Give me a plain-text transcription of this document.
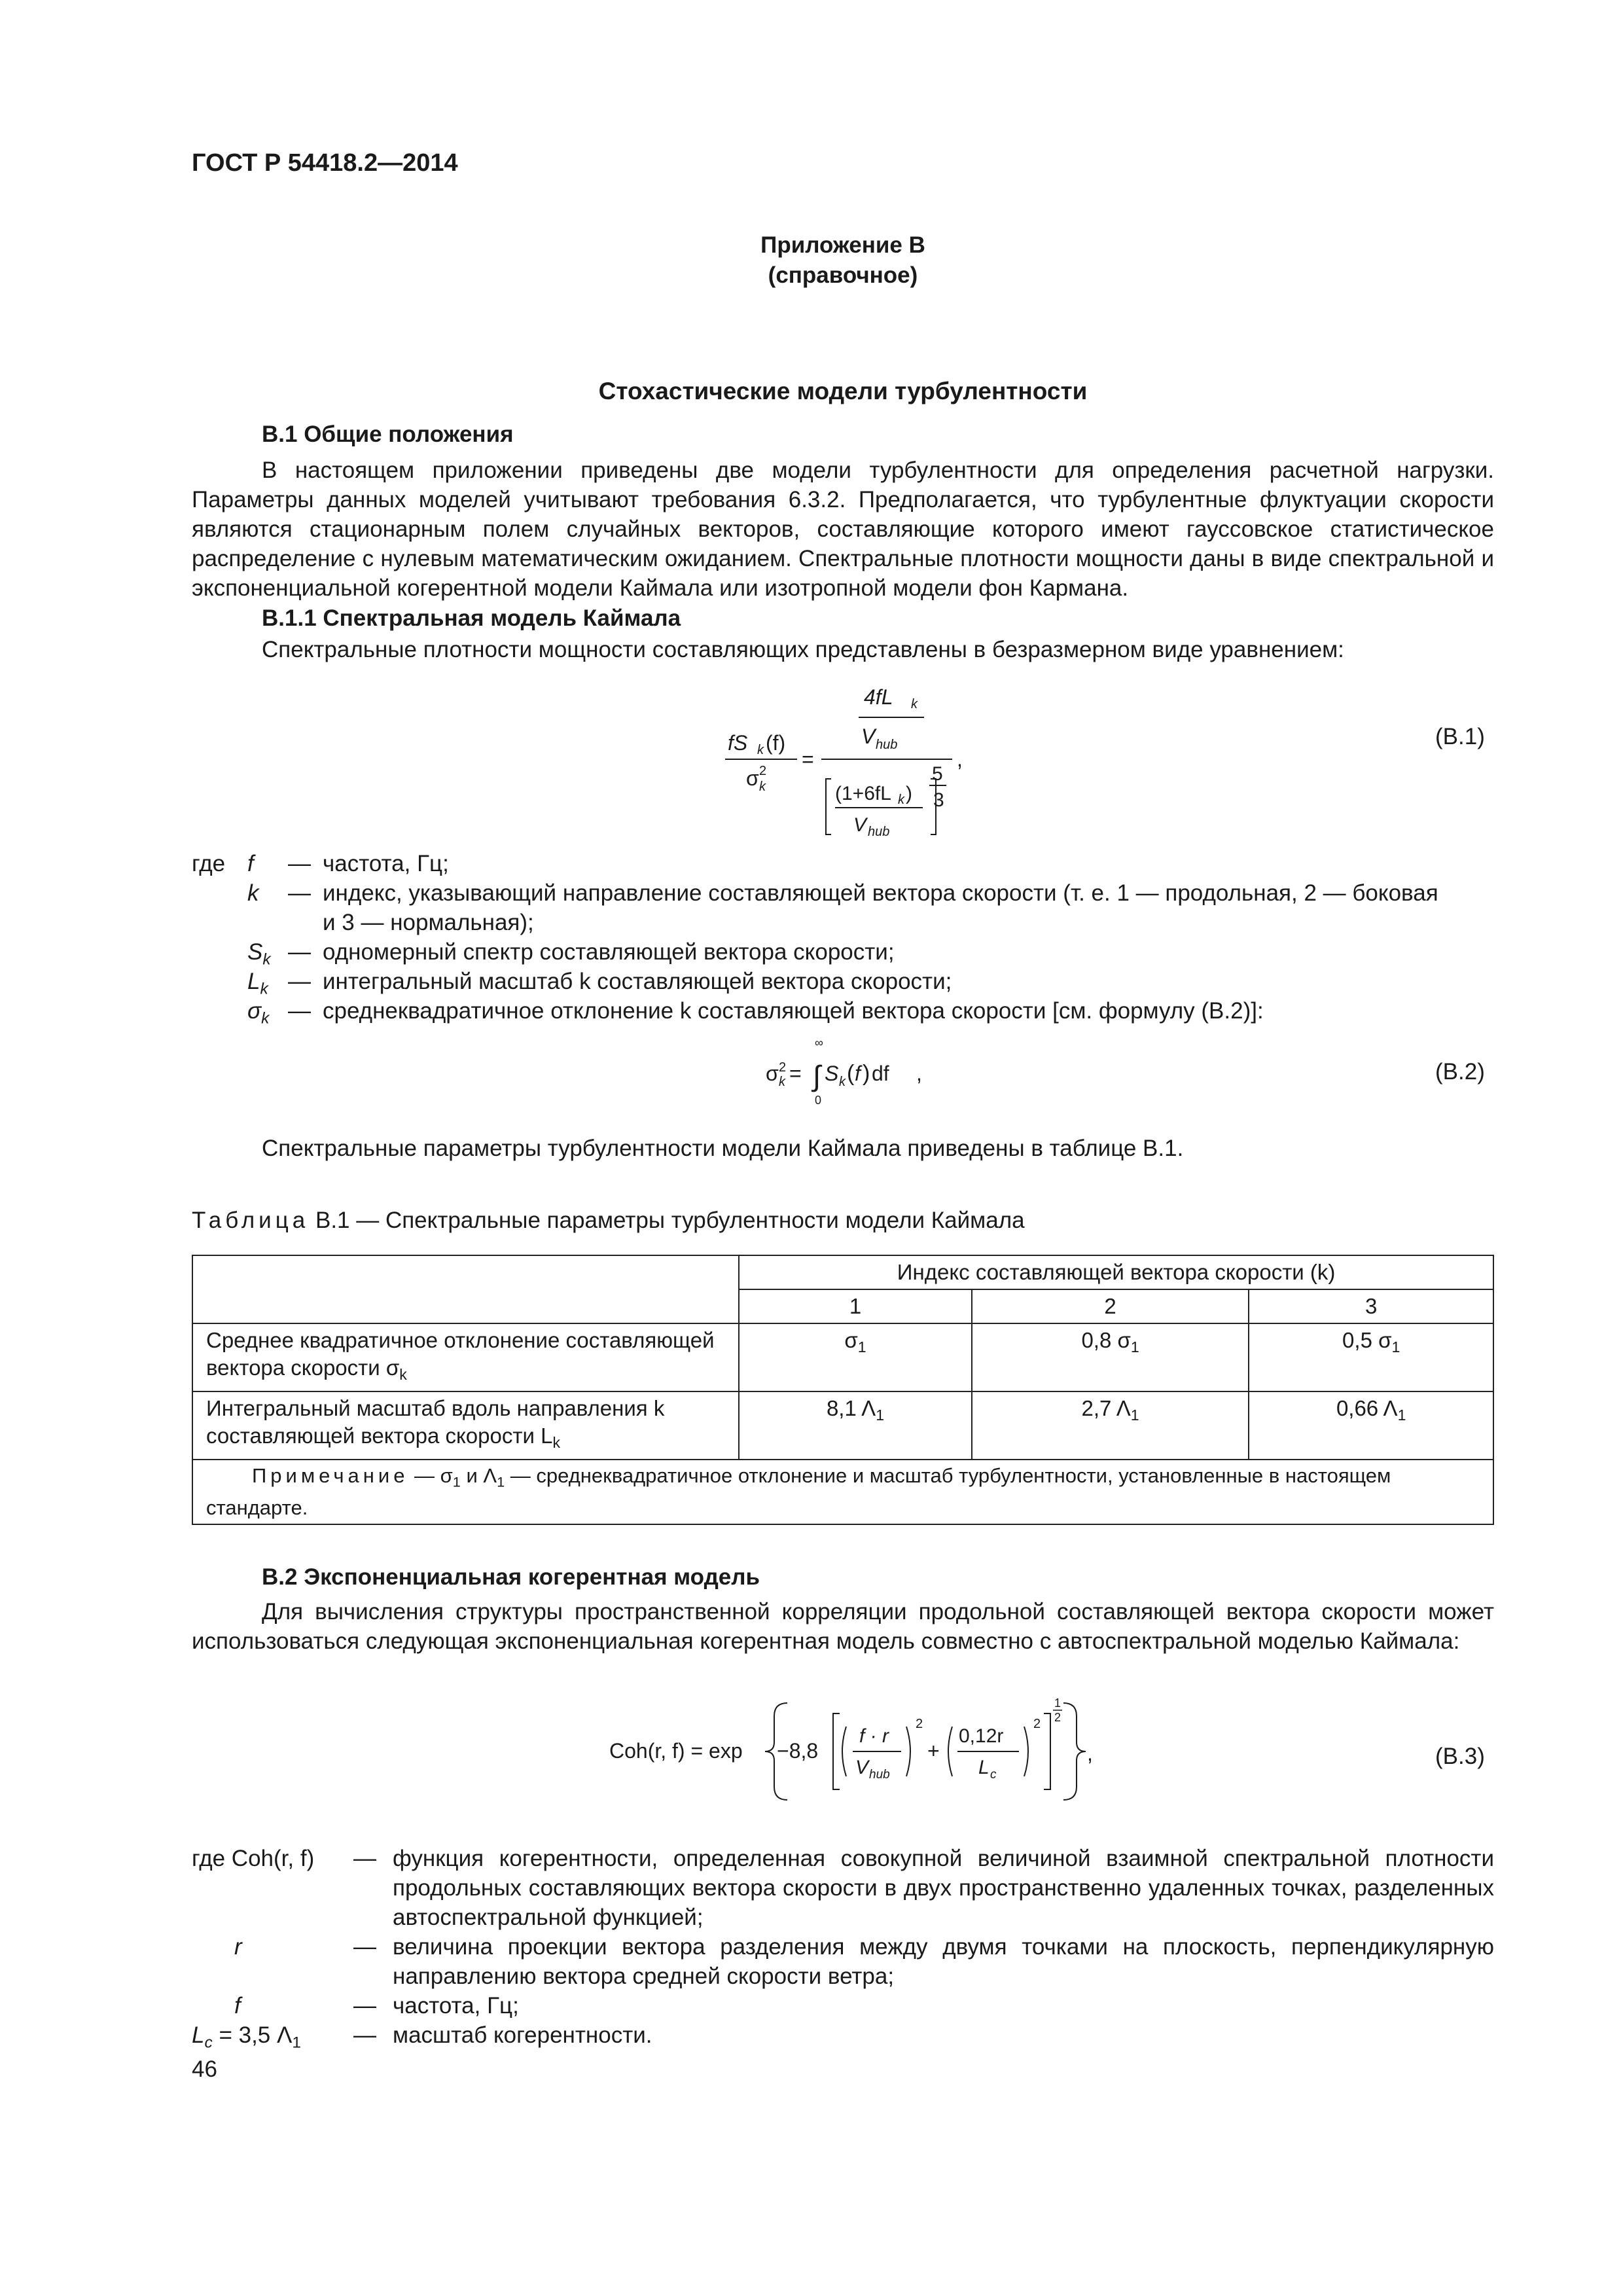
ГОСТ Р 54418.2—2014
Приложение В
(справочное)
Стохастические модели турбулентности
В.1 Общие положения
В настоящем приложении приведены две модели турбулентности для определения расчетной нагрузки. Параметры данных моделей учитывают требования 6.3.2. Предполагается, что турбулентные флуктуации скорости являются стационарным полем случайных векторов, составляющие которого имеют гауссовское статистическое распределение с нулевым математическим ожиданием. Спектральные плотности мощности даны в виде спектральной и экспоненциальной когерентной модели Каймала или изотропной модели фон Кармана.
В.1.1 Спектральная модель Каймала
Спектральные плотности мощности составляющих представлены в безразмерном виде уравнением:
fS k (f)
σ 2
k
=
4fL k
V hub
,
(1+6fL k )
V hub
5
3
(В.1)
где f — частота, Гц;
k — индекс, указывающий направление составляющей вектора скорости (т. е. 1 — продольная, 2 — боковая
и 3 — нормальная);
$S_k$ — одномерный спектр составляющей вектора скорости;
$L_k$ — интегральный масштаб k составляющей вектора скорости;
$\sigma_k$ — среднеквадратичное отклонение k составляющей вектора скорости [см. формулу (В.2)]:
σ 2
k =
∞
∫
0
S k ( f ) df ,	(В.2)
Спектральные параметры турбулентности модели Каймала приведены в таблице В.1.
Таблица В.1 — Спектральные параметры турбулентности модели Каймала
	Индекс составляющей вектора скорости (k)		
	1	2	3
Среднее квадратичное отклонение составляющей вектора скорости $\sigma_k$	$\sigma_1$	0,8 $\sigma_1$	0,5 $\sigma_1$
Интегральный масштаб вдоль направления k составляющей вектора скорости $L_k$	8,1 $\Lambda_1$	2,7 $\Lambda_1$	0,66 $\Lambda_1$
Примечание — $\sigma_1$ и $\Lambda_1$ — среднеквадратичное отклонение и масштаб турбулентности, установленные в настоящем стандарте.			
В.2 Экспоненциальная когерентная модель
Для вычисления структуры пространственной корреляции продольной составляющей вектора скорости может использоваться следующая экспоненциальная когерентная модель совместно с автоспектральной моделью Каймала:
Coh(r, f) = exp −8,8
f · r
V hub
2
+
0,12r
L c
2
1
2
,	(В.3)
где Coh(r, f) — функция когерентности, определенная совокупной величиной взаимной спектральной плотности продольных составляющих вектора скорости в двух пространственно удаленных точках, разделенных автоспектральной функцией;
r	— величина проекции вектора разделения между двумя точками на плоскость, перпендикулярную направлению вектора средней скорости ветра;
f	— частота, Гц;
$L_c = 3,5$ $\Lambda_1$ — масштаб когерентности.
46
